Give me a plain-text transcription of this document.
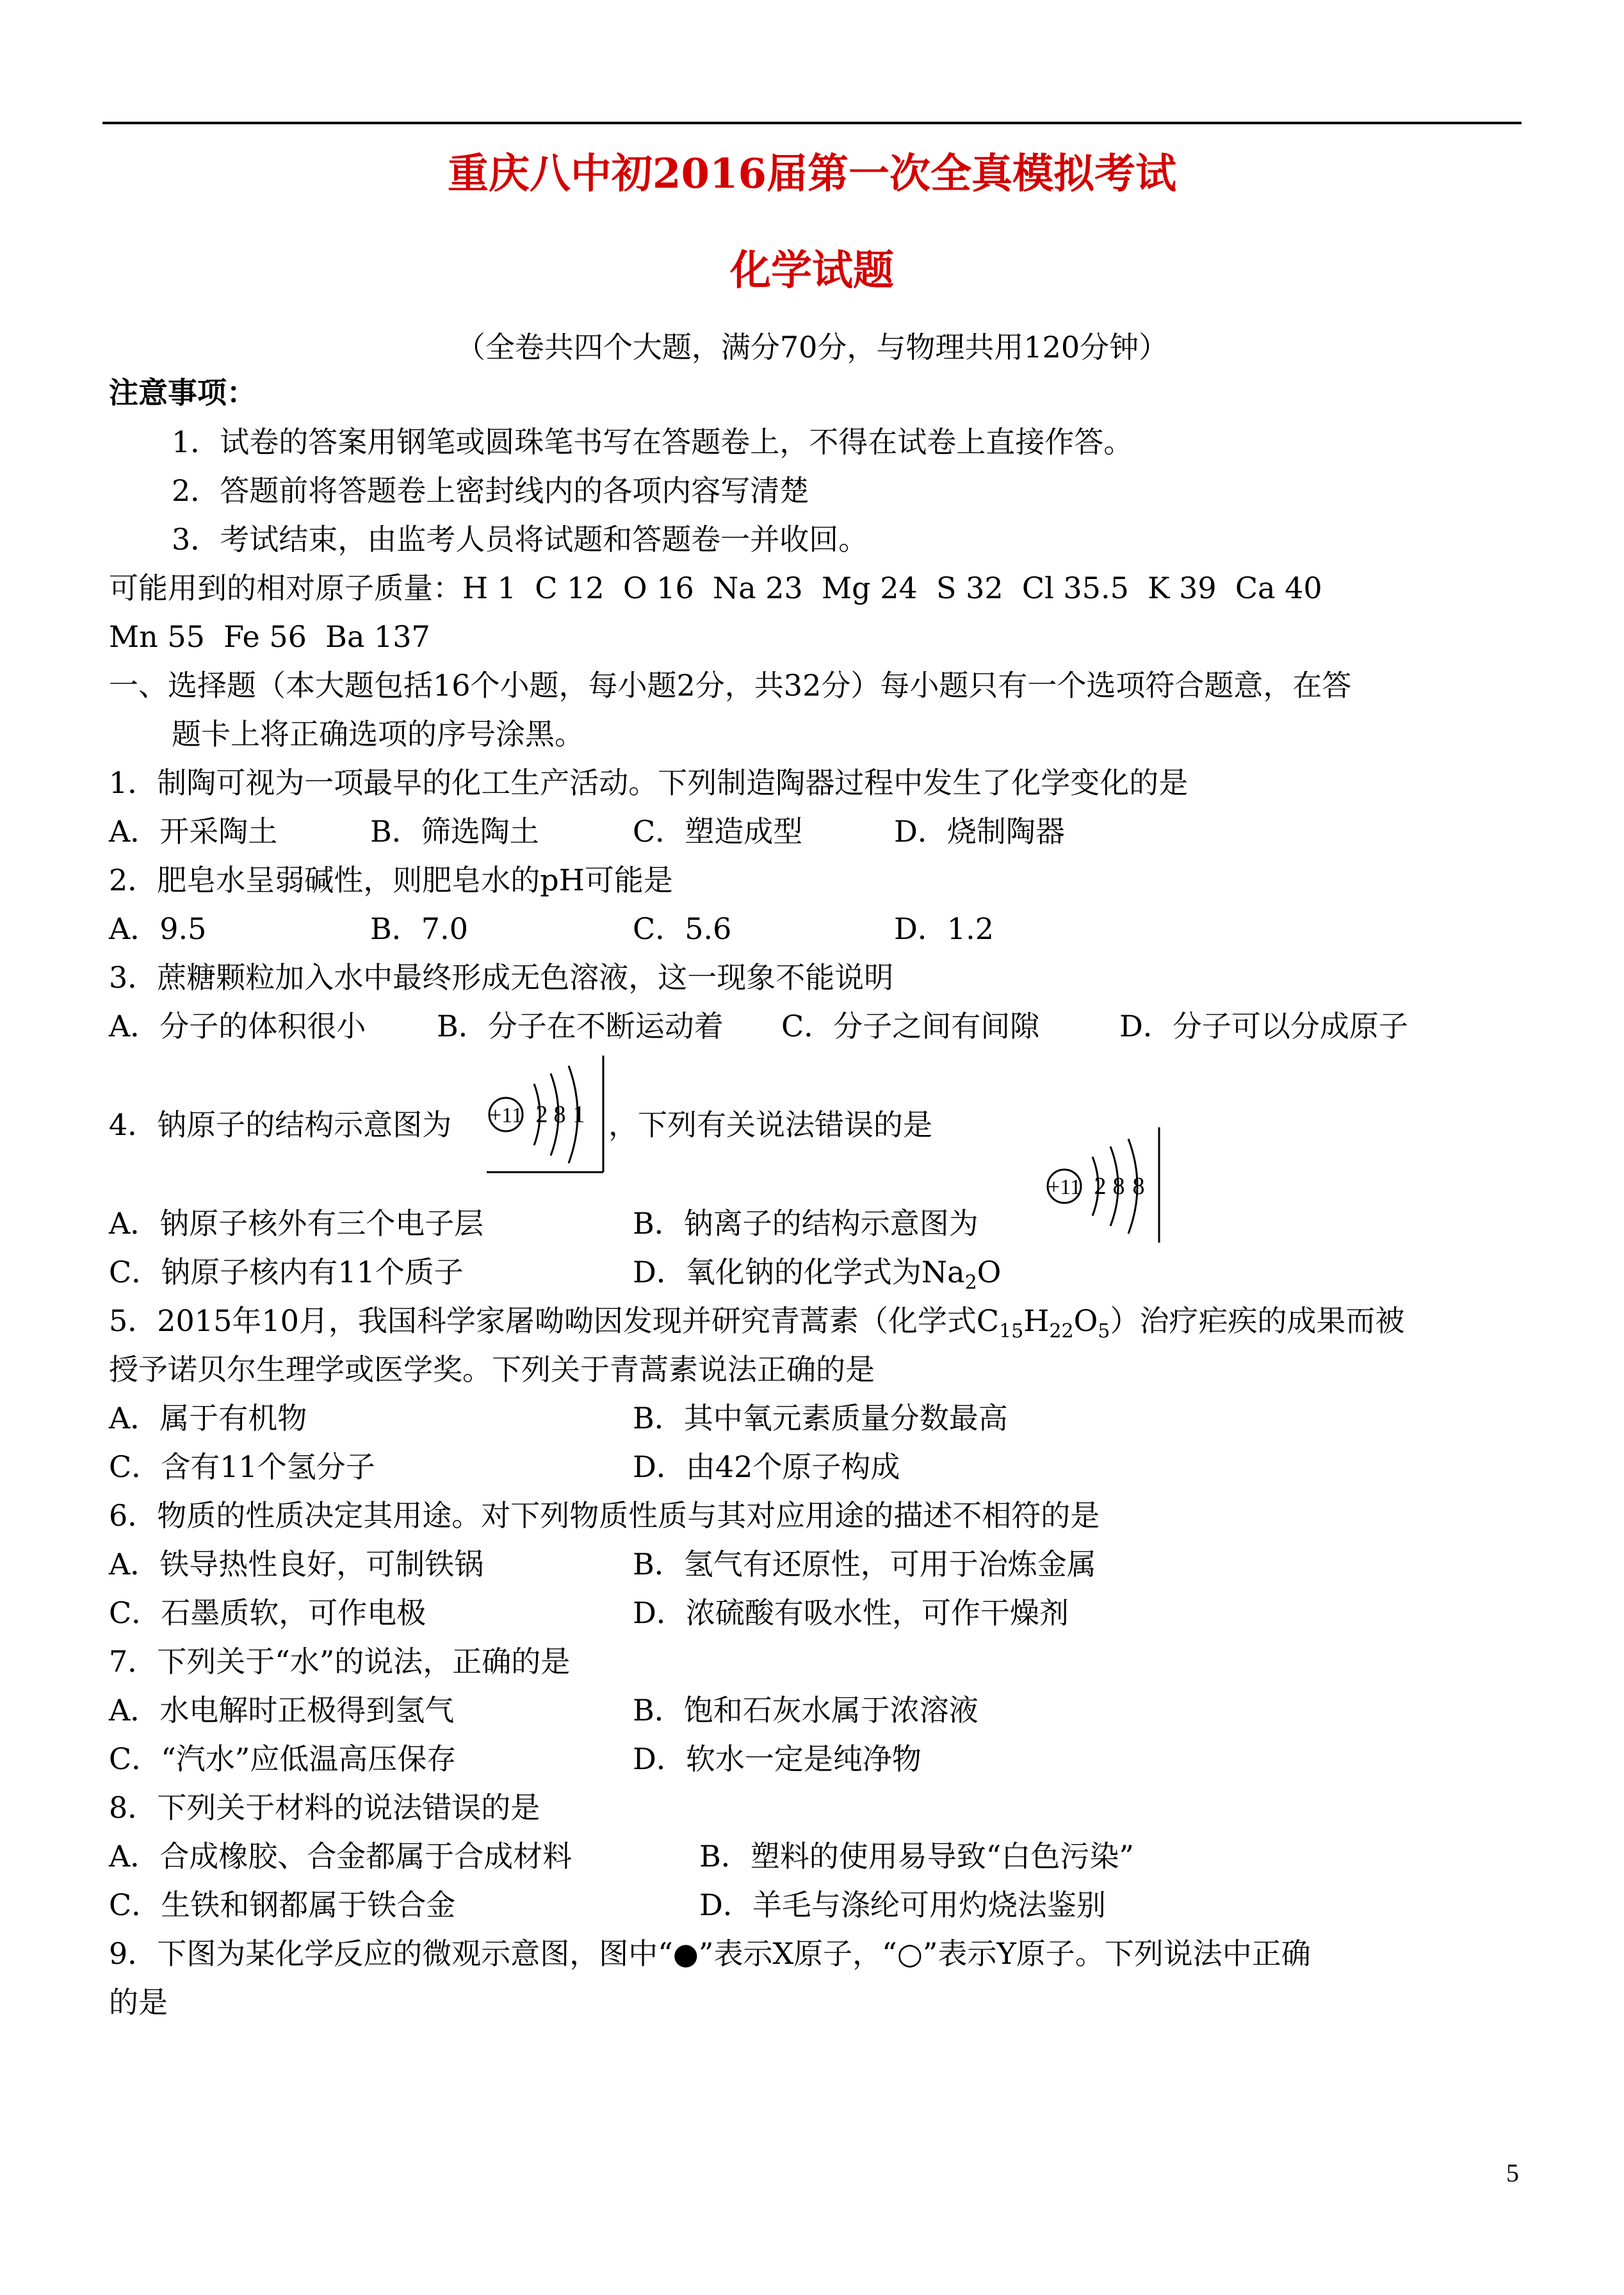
重庆八中初2016届第一次全真模拟考试
化学试题
（全卷共四个大题，满分70分，与物理共用120分钟）
注意事项：
1．试卷的答案用钢笔或圆珠笔书写在答题卷上，不得在试卷上直接作答。
2．答题前将答题卷上密封线内的各项内容写清楚
3．考试结束，由监考人员将试题和答题卷一并收回。
可能用到的相对原子质量：H 1  C 12  O 16  Na 23  Mg 24  S 32  Cl 35.5  K 39  Ca 40
Mn 55  Fe 56  Ba 137
一、选择题（本大题包括16个小题，每小题2分，共32分）每小题只有一个选项符合题意，在答
题卡上将正确选项的序号涂黑。
1．制陶可视为一项最早的化工生产活动。下列制造陶器过程中发生了化学变化的是
A．开采陶土	B．筛选陶土	C．塑造成型	D．烧制陶器
2．肥皂水呈弱碱性，则肥皂水的pH可能是
A．9.5	B．7.0	C．5.6	D．1.2
3．蔗糖颗粒加入水中最终形成无色溶液，这一现象不能说明
A．分子的体积很小 B．分子在不断运动着 C．分子之间有间隙	D．分子可以分成原子
4．钠原子的结构示意图为 +11 2 8 1 ，下列有关说法错误的是
+11 2 8 8
A．钠原子核外有三个电子层	B．钠离子的结构示意图为
C．钠原子核内有11个质子	D．氧化钠的化学式为$Na_2O$
5．2015年10月，我国科学家屠呦呦因发现并研究青蒿素（化学式$C_{15}H_{22}O_5$）治疗疟疾的成果而被
授予诺贝尔生理学或医学奖。下列关于青蒿素说法正确的是
A．属于有机物	B．其中氧元素质量分数最高
C．含有11个氢分子	D．由42个原子构成
6．物质的性质决定其用途。对下列物质性质与其对应用途的描述不相符的是
A．铁导热性良好，可制铁锅	B．氢气有还原性，可用于冶炼金属
C．石墨质软，可作电极	D．浓硫酸有吸水性，可作干燥剂
7．下列关于“水”的说法，正确的是
A．水电解时正极得到氢气	B．饱和石灰水属于浓溶液
C．“汽水”应低温高压保存	D．软水一定是纯净物
8．下列关于材料的说法错误的是
A．合成橡胶、合金都属于合成材料	B．塑料的使用易导致“白色污染”
C．生铁和钢都属于铁合金	D．羊毛与涤纶可用灼烧法鉴别
9．下图为某化学反应的微观示意图，图中“●”表示X原子，“○”表示Y原子。下列说法中正确
的是
5
